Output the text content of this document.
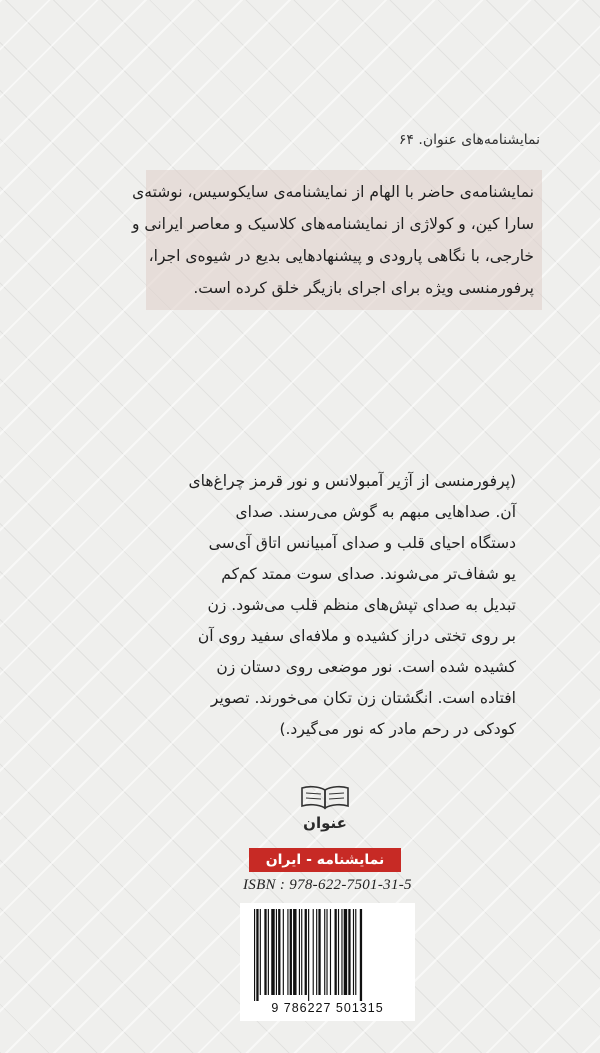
نمایشنامه‌های عنوان. ۶۴
نمایشنامه‌ی حاضر با الهام از نمایشنامه‌ی سایکوسیس، نوشته‌ی
سارا کین، و کولاژی از نمایشنامه‌های کلاسیک و معاصر ایرانی و
خارجی، با نگاهی پارودی و پیشنهادهایی بدیع در شیوه‌ی اجرا،
پرفورمنسی ویژه برای اجرای بازیگر خلق کرده است.
(پرفورمنسی از آژیر آمبولانس و نور قرمز چراغ‌های
آن. صداهایی مبهم به گوش می‌رسند. صدای
دستگاه احیای قلب و صدای آمبیانس اتاق آی‌سی
یو شفاف‌تر می‌شوند. صدای سوت ممتد کم‌کم
تبدیل به صدای تپش‌های منظم قلب می‌شود. زن
بر روی تختی دراز کشیده و ملافه‌ای سفید روی آن
کشیده شده است. نور موضعی روی دستان زن
افتاده است. انگشتان زن تکان می‌خورند. تصویر
کودکی در رحم مادر که نور می‌گیرد.)
عنوان
نمایشنامه - ایران
ISBN : 978-622-7501-31-5
9 786227 501315
